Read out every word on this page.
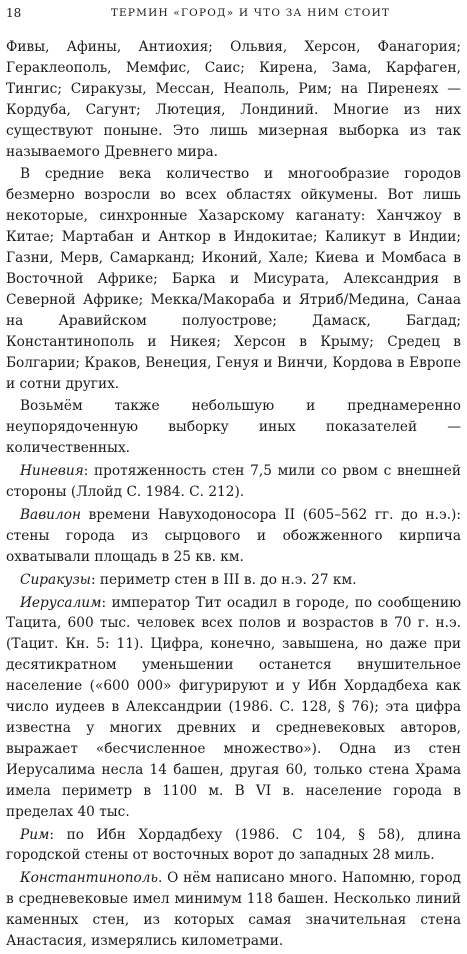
18	ТЕРМИН «ГОРОД» И ЧТО ЗА НИМ СТОИТ

Фивы, Афины, Антиохия; Ольвия, Херсон, Фанагория; Гераклеополь, Мемфис, Саис; Кирена, Зама, Карфаген, Тингис; Сиракузы, Мессан, Неаполь, Рим; на Пиренеях — Кордуба, Сагунт; Лютеция, Лондиний. Многие из них существуют поныне. Это лишь мизерная выборка из так называемого Древнего мира.

В средние века количество и многообразие городов безмерно возросли во всех областях ойкумены. Вот лишь некоторые, синхронные Хазарскому каганату: Ханчжоу в Китае; Мартабан и Анткор в Индокитае; Каликут в Индии; Газни, Мерв, Самарканд; Иконий, Хале; Киева и Момбаса в Восточной Африке; Барка и Мисурата, Александрия в Северной Африке; Мекка/Макораба и Ятриб/Медина, Санаа на Аравийском полуострове; Дамаск, Багдад; Константинополь и Никея; Херсон в Крыму; Средец в Болгарии; Краков, Венеция, Генуя и Винчи, Кордова в Европе и сотни других.

Возьмём также небольшую и преднамеренно неупорядоченную выборку иных показателей — количественных.

Ниневия: протяженность стен 7,5 мили со рвом с внешней стороны (Ллойд С. 1984. С. 212).

Вавилон времени Навуходоносора II (605–562 гг. до н.э.): стены города из сырцового и обожженного кирпича охватывали площадь в 25 кв. км.

Сиракузы: периметр стен в III в. до н.э. 27 км.

Иерусалим: император Тит осадил в городе, по сообщению Тацита, 600 тыс. человек всех полов и возрастов в 70 г. н.э. (Тацит. Кн. 5: 11). Цифра, конечно, завышена, но даже при десятикратном уменьшении останется внушительное население («600 000» фигурируют и у Ибн Хордадбеха как число иудеев в Александрии (1986. С. 128, § 76); эта цифра известна у многих древних и средневековых авторов, выражает «бесчисленное множество»). Одна из стен Иерусалима несла 14 башен, другая 60, только стена Храма имела периметр в 1100 м. В VI в. население города в пределах 40 тыс.

Рим: по Ибн Хордадбеху (1986. С 104, § 58), длина городской стены от восточных ворот до западных 28 миль.

Константинополь. О нём написано много. Напомню, город в средневековые имел минимум 118 башен. Несколько линий каменных стен, из которых самая значительная стена Анастасия, измерялись километрами.
